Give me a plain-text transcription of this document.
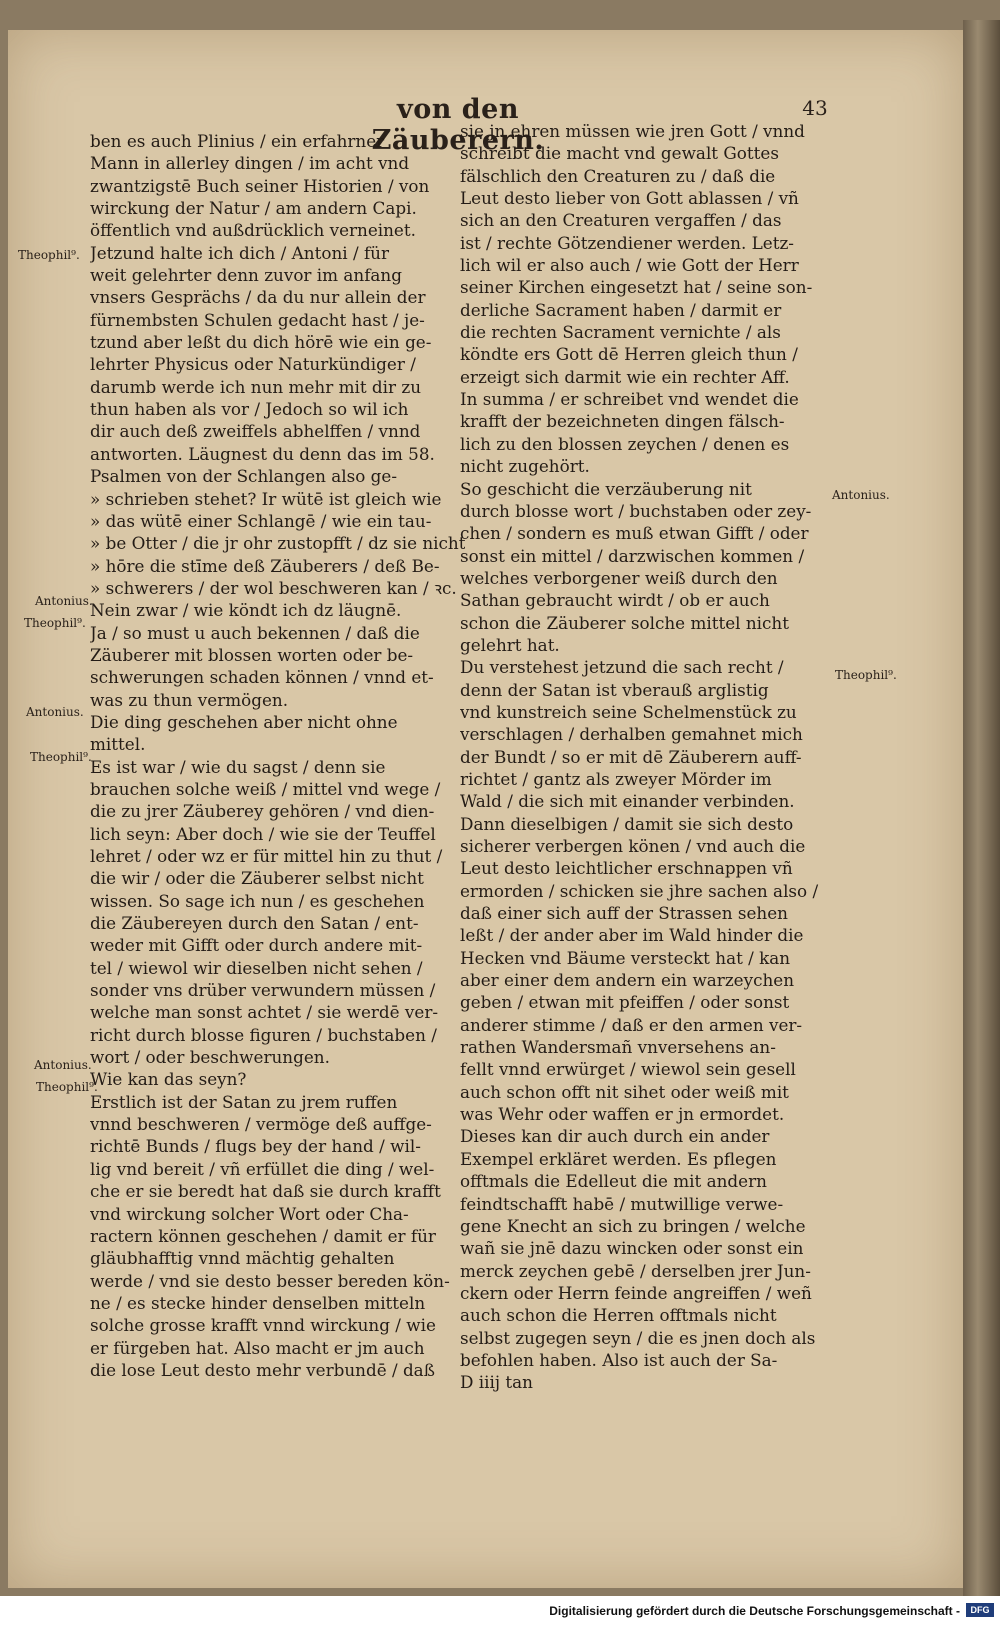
von den Zäuberern.
43
ben es auch Plinius / ein erfahrner
Mann in allerley dingen / im acht vnd
zwantzigstē Buch seiner Historien / von
wirckung der Natur / am andern Capi.
öffentlich vnd außdrücklich verneinet.
Jetzund halte ich dich / Antoni / für
weit gelehrter denn zuvor im anfang
vnsers Gesprächs / da du nur allein der
fürnembsten Schulen gedacht hast / je-
tzund aber leßt du dich hörē wie ein ge-
lehrter Physicus oder Naturkündiger /
darumb werde ich nun mehr mit dir zu
thun haben als vor / Jedoch so wil ich
dir auch deß zweiffels abhelffen / vnnd
antworten. Läugnest du denn das im 58.
Psalmen von der Schlangen also ge-
» schrieben stehet? Ir wütē ist gleich wie
» das wütē einer Schlangē / wie ein tau-
» be Otter / die jr ohr zustopfft / dz sie nicht
» hōre die stīme deß Zäuberers / deß Be-
» schwerers / der wol beschweren kan / ꝛc.
Nein zwar / wie köndt ich dz läugnē.
Ja / so must u auch bekennen / daß die
Zäuberer mit blossen worten oder be-
schwerungen schaden können / vnnd et-
was zu thun vermögen.
Die ding geschehen aber nicht ohne
mittel.
Es ist war / wie du sagst / denn sie
brauchen solche weiß / mittel vnd wege /
die zu jrer Zäuberey gehören / vnd dien-
lich seyn: Aber doch / wie sie der Teuffel
lehret / oder wz er für mittel hin zu thut /
die wir / oder die Zäuberer selbst nicht
wissen. So sage ich nun / es geschehen
die Zäubereyen durch den Satan / ent-
weder mit Gifft oder durch andere mit-
tel / wiewol wir dieselben nicht sehen /
sonder vns drüber verwundern müssen /
welche man sonst achtet / sie werdē ver-
richt durch blosse figuren / buchstaben /
wort / oder beschwerungen.
Wie kan das seyn?
Erstlich ist der Satan zu jrem ruffen
vnnd beschweren / vermöge deß auffge-
richtē Bunds / flugs bey der hand / wil-
lig vnd bereit / vñ erfüllet die ding / wel-
che er sie beredt hat daß sie durch krafft
vnd wirckung solcher Wort oder Cha-
ractern können geschehen / damit er für
gläubhafftig vnnd mächtig gehalten
werde / vnd sie desto besser bereden kön-
ne / es stecke hinder denselben mitteln
solche grosse krafft vnnd wirckung / wie
er fürgeben hat. Also macht er jm auch
die lose Leut desto mehr verbundē / daß
sie jn ehren müssen wie jren Gott / vnnd
schreibt die macht vnd gewalt Gottes
fälschlich den Creaturen zu / daß die
Leut desto lieber von Gott ablassen / vñ
sich an den Creaturen vergaffen / das
ist / rechte Götzendiener werden. Letz-
lich wil er also auch / wie Gott der Herr
seiner Kirchen eingesetzt hat / seine son-
derliche Sacrament haben / darmit er
die rechten Sacrament vernichte / als
köndte ers Gott dē Herren gleich thun /
erzeigt sich darmit wie ein rechter Aff.
In summa / er schreibet vnd wendet die
krafft der bezeichneten dingen fälsch-
lich zu den blossen zeychen / denen es
nicht zugehört.
So geschicht die verzäuberung nit
durch blosse wort / buchstaben oder zey-
chen / sondern es muß etwan Gifft / oder
sonst ein mittel / darzwischen kommen /
welches verborgener weiß durch den
Sathan gebraucht wirdt / ob er auch
schon die Zäuberer solche mittel nicht
gelehrt hat.
Du verstehest jetzund die sach recht /
denn der Satan ist vberauß arglistig
vnd kunstreich seine Schelmenstück zu
verschlagen / derhalben gemahnet mich
der Bundt / so er mit dē Zäuberern auff-
richtet / gantz als zweyer Mörder im
Wald / die sich mit einander verbinden.
Dann dieselbigen / damit sie sich desto
sicherer verbergen könen / vnd auch die
Leut desto leichtlicher erschnappen vñ
ermorden / schicken sie jhre sachen also /
daß einer sich auff der Strassen sehen
leßt / der ander aber im Wald hinder die
Hecken vnd Bäume versteckt hat / kan
aber einer dem andern ein warzeychen
geben / etwan mit pfeiffen / oder sonst
anderer stimme / daß er den armen ver-
rathen Wandersmañ vnversehens an-
fellt vnnd erwürget / wiewol sein gesell
auch schon offt nit sihet oder weiß mit
was Wehr oder waffen er jn ermordet.
Dieses kan dir auch durch ein ander
Exempel erkläret werden. Es pflegen
offtmals die Edelleut die mit andern
feindtschafft habē / mutwillige verwe-
gene Knecht an sich zu bringen / welche
wañ sie jnē dazu wincken oder sonst ein
merck zeychen gebē / derselben jrer Jun-
ckern oder Herrn feinde angreiffen / weñ
auch schon die Herren offtmals nicht
selbst zugegen seyn / die es jnen doch als
befohlen haben. Also ist auch der Sa-
D iiij tan
Theophil⁹.
Antonius.
Theophil⁹.
Antonius.
Theophil⁹.
Antonius.
Theophil⁹.
Antonius.
Theophil⁹.
Digitalisierung gefördert durch die Deutsche Forschungsgemeinschaft -	DFG
